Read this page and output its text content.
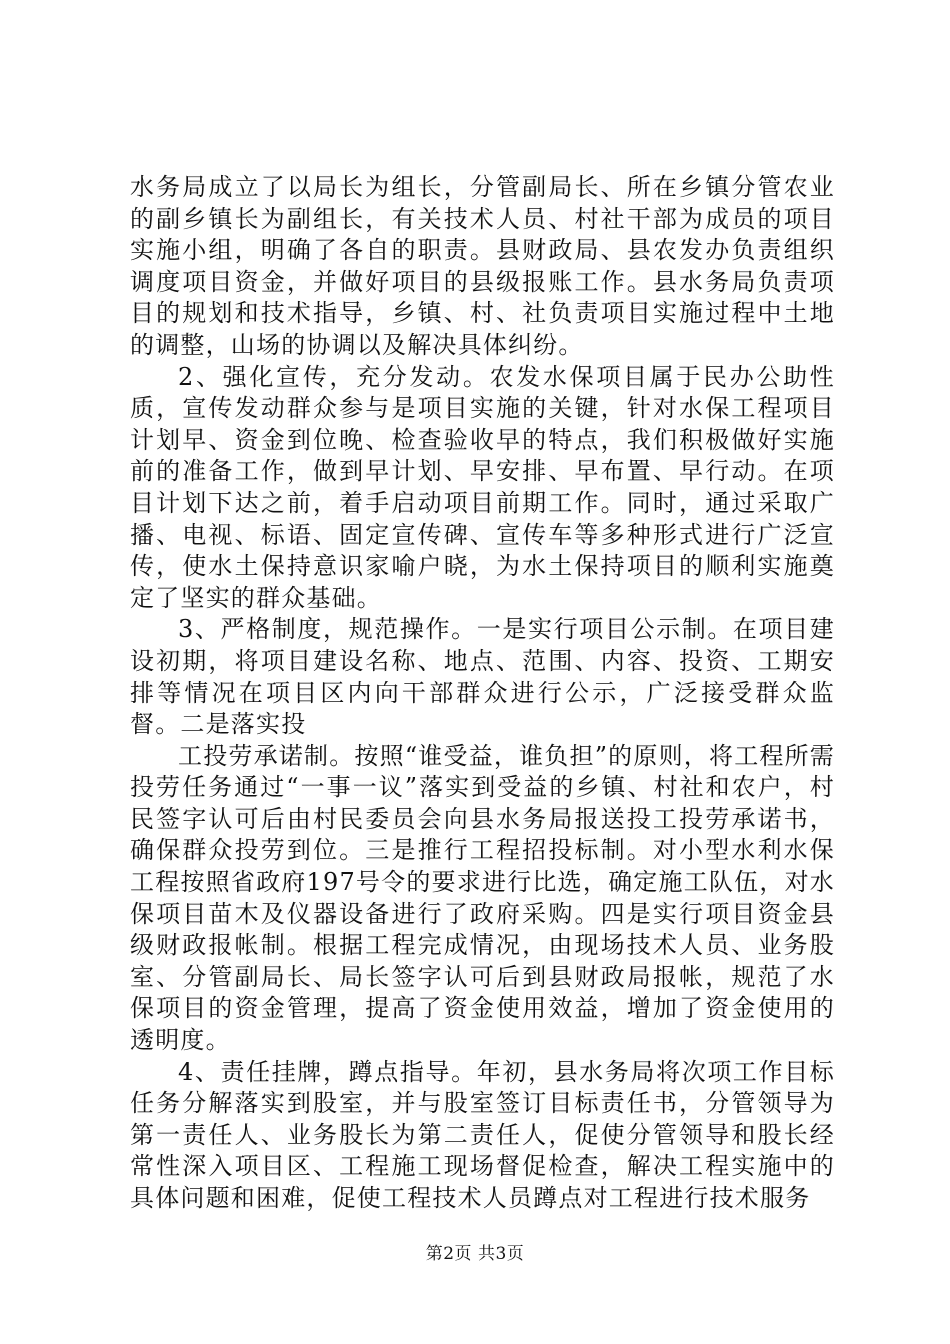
水务局成立了以局长为组长，分管副局长、所在乡镇分管农业的副乡镇长为副组长，有关技术人员、村社干部为成员的项目实施小组，明确了各自的职责。县财政局、县农发办负责组织调度项目资金，并做好项目的县级报账工作。县水务局负责项目的规划和技术指导，乡镇、村、社负责项目实施过程中土地的调整，山场的协调以及解决具体纠纷。

2、强化宣传，充分发动。农发水保项目属于民办公助性质，宣传发动群众参与是项目实施的关键，针对水保工程项目计划早、资金到位晚、检查验收早的特点，我们积极做好实施前的准备工作，做到早计划、早安排、早布置、早行动。在项目计划下达之前，着手启动项目前期工作。同时，通过采取广播、电视、标语、固定宣传碑、宣传车等多种形式进行广泛宣传，使水土保持意识家喻户晓，为水土保持项目的顺利实施奠定了坚实的群众基础。

3、严格制度，规范操作。一是实行项目公示制。在项目建设初期，将项目建设名称、地点、范围、内容、投资、工期安排等情况在项目区内向干部群众进行公示，广泛接受群众监督。二是落实投

工投劳承诺制。按照“谁受益，谁负担”的原则，将工程所需投劳任务通过“一事一议”落实到受益的乡镇、村社和农户，村民签字认可后由村民委员会向县水务局报送投工投劳承诺书，确保群众投劳到位。三是推行工程招投标制。对小型水利水保工程按照省政府197号令的要求进行比选，确定施工队伍，对水保项目苗木及仪器设备进行了政府采购。四是实行项目资金县级财政报帐制。根据工程完成情况，由现场技术人员、业务股室、分管副局长、局长签字认可后到县财政局报帐，规范了水保项目的资金管理，提高了资金使用效益，增加了资金使用的透明度。

4、责任挂牌，蹲点指导。年初，县水务局将次项工作目标任务分解落实到股室，并与股室签订目标责任书，分管领导为第一责任人、业务股长为第二责任人，促使分管领导和股长经常性深入项目区、工程施工现场督促检查，解决工程实施中的具体问题和困难，促使工程技术人员蹲点对工程进行技术服务

第2页 共3页
